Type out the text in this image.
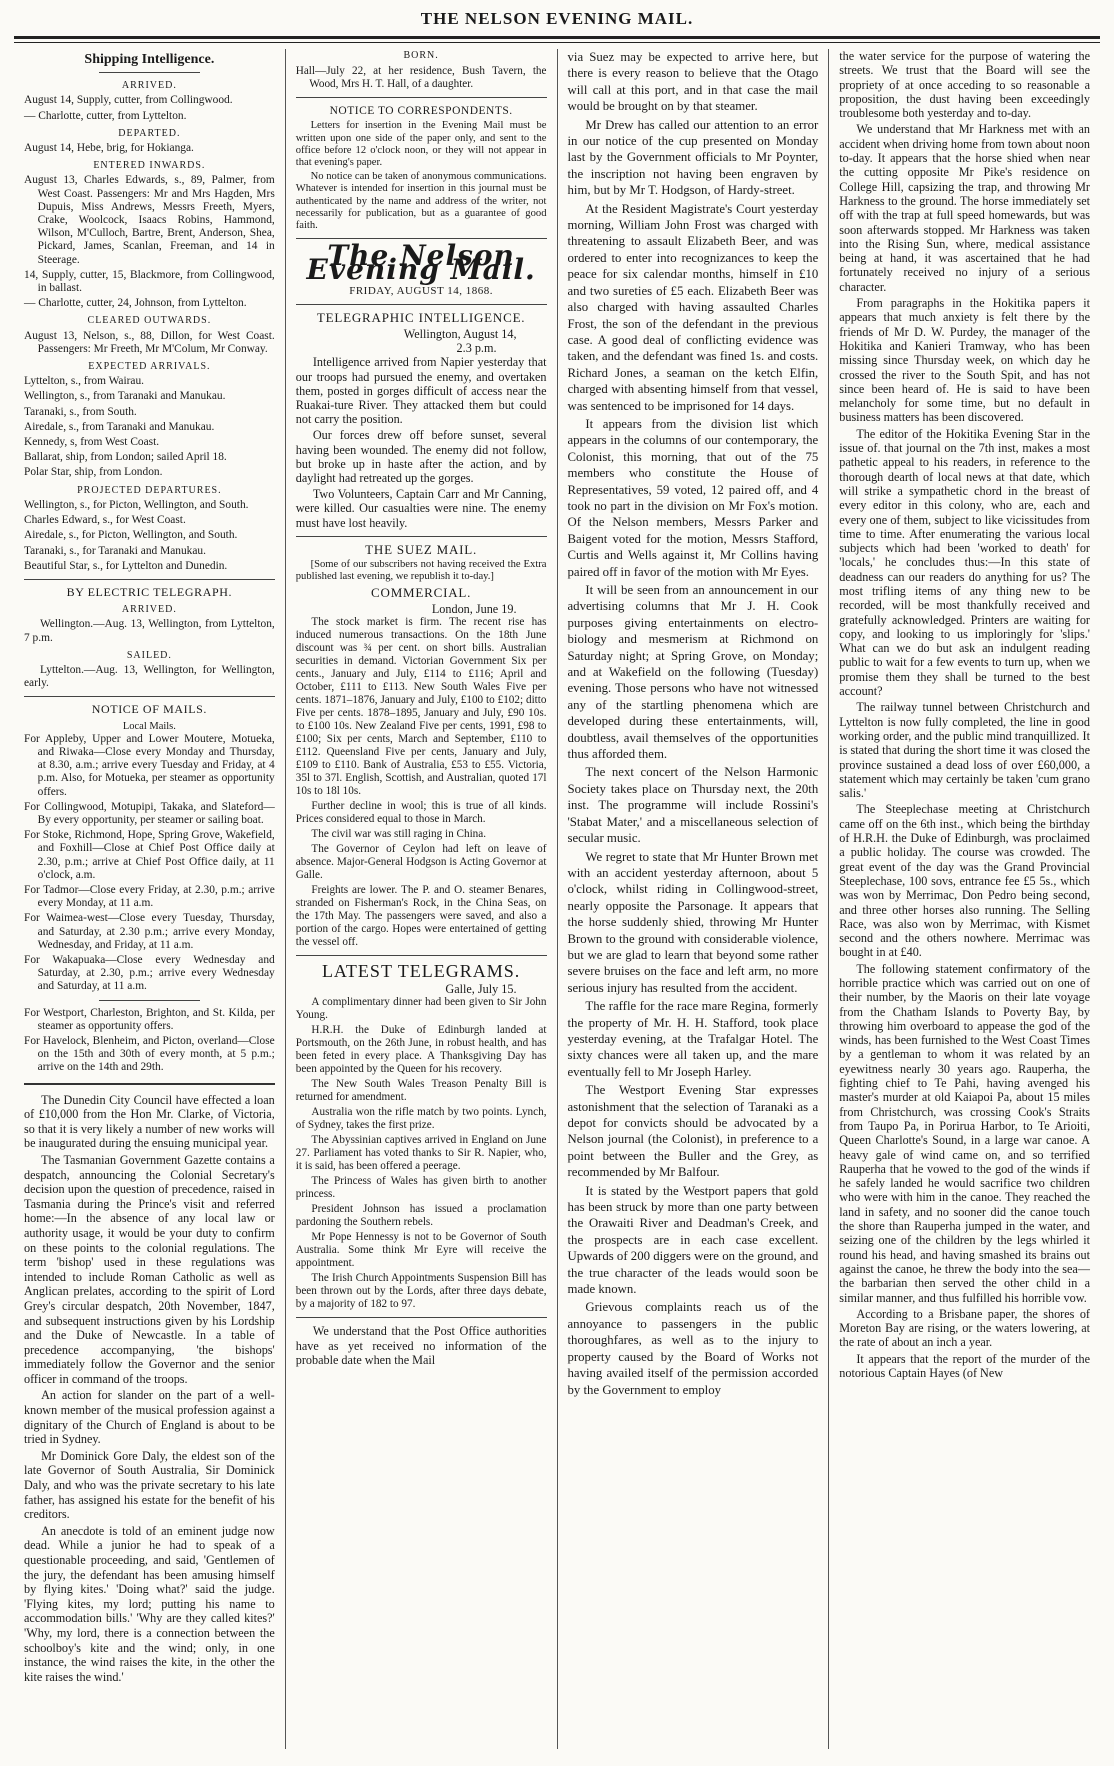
THE NELSON EVENING MAIL.
Shipping Intelligence.
ARRIVED.

August 14, Supply, cutter, from Collingwood.

— Charlotte, cutter, from Lyttelton.

DEPARTED.

August 14, Hebe, brig, for Hokianga.

ENTERED INWARDS.

August 13, Charles Edwards, s., 89, Palmer, from West Coast. Passengers: Mr and Mrs Hagden, Mrs Dupuis, Miss Andrews, Messrs Freeth, Myers, Crake, Woolcock, Isaacs Robins, Hammond, Wilson, M'Culloch, Bartre, Brent, Anderson, Shea, Pickard, James, Scanlan, Freeman, and 14 in Steerage.

14, Supply, cutter, 15, Blackmore, from Collingwood, in ballast.

— Charlotte, cutter, 24, Johnson, from Lyttelton.

CLEARED OUTWARDS.

August 13, Nelson, s., 88, Dillon, for West Coast. Passengers: Mr Freeth, Mr M'Colum, Mr Conway.

EXPECTED ARRIVALS.

Lyttelton, s., from Wairau.

Wellington, s., from Taranaki and Manukau.

Taranaki, s., from South.

Airedale, s., from Taranaki and Manukau.

Kennedy, s, from West Coast.

Ballarat, ship, from London; sailed April 18.

Polar Star, ship, from London.

PROJECTED DEPARTURES.

Wellington, s., for Picton, Wellington, and South.

Charles Edward, s., for West Coast.

Airedale, s., for Picton, Wellington, and South.

Taranaki, s., for Taranaki and Manukau.

Beautiful Star, s., for Lyttelton and Dunedin.

BY ELECTRIC TELEGRAPH.
ARRIVED.

Wellington.—Aug. 13, Wellington, from Lyttelton, 7 p.m.

SAILED.

Lyttelton.—Aug. 13, Wellington, for Wellington, early.

NOTICE OF MAILS.
Local Mails.

For Appleby, Upper and Lower Moutere, Motueka, and Riwaka—Close every Monday and Thursday, at 8.30, a.m.; arrive every Tuesday and Friday, at 4 p.m. Also, for Motueka, per steamer as opportunity offers.

For Collingwood, Motupipi, Takaka, and Slateford—By every opportunity, per steamer or sailing boat.

For Stoke, Richmond, Hope, Spring Grove, Wakefield, and Foxhill—Close at Chief Post Office daily at 2.30, p.m.; arrive at Chief Post Office daily, at 11 o'clock, a.m.

For Tadmor—Close every Friday, at 2.30, p.m.; arrive every Monday, at 11 a.m.

For Waimea-west—Close every Tuesday, Thursday, and Saturday, at 2.30 p.m.; arrive every Monday, Wednesday, and Friday, at 11 a.m.

For Wakapuaka—Close every Wednesday and Saturday, at 2.30, p.m.; arrive every Wednesday and Saturday, at 11 a.m.

For Westport, Charleston, Brighton, and St. Kilda, per steamer as opportunity offers.

For Havelock, Blenheim, and Picton, overland—Close on the 15th and 30th of every month, at 5 p.m.; arrive on the 14th and 29th.

The Dunedin City Council have effected a loan of £10,000 from the Hon Mr. Clarke, of Victoria, so that it is very likely a number of new works will be inaugurated during the ensuing municipal year.

The Tasmanian Government Gazette contains a despatch, announcing the Colonial Secretary's decision upon the question of precedence, raised in Tasmania during the Prince's visit and referred home:—In the absence of any local law or authority usage, it would be your duty to confirm on these points to the colonial regulations. The term 'bishop' used in these regulations was intended to include Roman Catholic as well as Anglican prelates, according to the spirit of Lord Grey's circular despatch, 20th November, 1847, and subsequent instructions given by his Lordship and the Duke of Newcastle. In a table of precedence accompanying, 'the bishops' immediately follow the Governor and the senior officer in command of the troops.

An action for slander on the part of a well-known member of the musical profession against a dignitary of the Church of England is about to be tried in Sydney.

Mr Dominick Gore Daly, the eldest son of the late Governor of South Australia, Sir Dominick Daly, and who was the private secretary to his late father, has assigned his estate for the benefit of his creditors.

An anecdote is told of an eminent judge now dead. While a junior he had to speak of a questionable proceeding, and said, 'Gentlemen of the jury, the defendant has been amusing himself by flying kites.' 'Doing what?' said the judge. 'Flying kites, my lord; putting his name to accommodation bills.' 'Why are they called kites?' 'Why, my lord, there is a connection between the schoolboy's kite and the wind; only, in one instance, the wind raises the kite, in the other the kite raises the wind.'

BORN.

Hall—July 22, at her residence, Bush Tavern, the Wood, Mrs H. T. Hall, of a daughter.

NOTICE TO CORRESPONDENTS.

Letters for insertion in the Evening Mail must be written upon one side of the paper only, and sent to the office before 12 o'clock noon, or they will not appear in that evening's paper.

No notice can be taken of anonymous communications. Whatever is intended for insertion in this journal must be authenticated by the name and address of the writer, not necessarily for publication, but as a guarantee of good faith.

The Nelson Evening Mail.
FRIDAY, AUGUST 14, 1868.
TELEGRAPHIC INTELLIGENCE.
Wellington, August 14,
2.3 p.m.

Intelligence arrived from Napier yesterday that our troops had pursued the enemy, and overtaken them, posted in gorges difficult of access near the Ruakai-ture River. They attacked them but could not carry the position.

Our forces drew off before sunset, several having been wounded. The enemy did not follow, but broke up in haste after the action, and by daylight had retreated up the gorges.

Two Volunteers, Captain Carr and Mr Canning, were killed. Our casualties were nine. The enemy must have lost heavily.

THE SUEZ MAIL.

[Some of our subscribers not having received the Extra published last evening, we republish it to-day.]

COMMERCIAL.
London, June 19.

The stock market is firm. The recent rise has induced numerous transactions. On the 18th June discount was ¾ per cent. on short bills. Australian securities in demand. Victorian Government Six per cents., January and July, £114 to £116; April and October, £111 to £113. New South Wales Five per cents. 1871–1876, January and July, £100 to £102; ditto Five per cents. 1878–1895, January and July, £90 10s. to £100 10s. New Zealand Five per cents, 1991, £98 to £100; Six per cents, March and September, £110 to £112. Queensland Five per cents, January and July, £109 to £110. Bank of Australia, £53 to £55. Victoria, 35l to 37l. English, Scottish, and Australian, quoted 17l 10s to 18l 10s.

Further decline in wool; this is true of all kinds. Prices considered equal to those in March.

The civil war was still raging in China.

The Governor of Ceylon had left on leave of absence. Major-General Hodgson is Acting Governor at Galle.

Freights are lower. The P. and O. steamer Benares, stranded on Fisherman's Rock, in the China Seas, on the 17th May. The passengers were saved, and also a portion of the cargo. Hopes were entertained of getting the vessel off.

LATEST TELEGRAMS.
Galle, July 15.

A complimentary dinner had been given to Sir John Young.

H.R.H. the Duke of Edinburgh landed at Portsmouth, on the 26th June, in robust health, and has been feted in every place. A Thanksgiving Day has been appointed by the Queen for his recovery.

The New South Wales Treason Penalty Bill is returned for amendment.

Australia won the rifle match by two points. Lynch, of Sydney, takes the first prize.

The Abyssinian captives arrived in England on June 27. Parliament has voted thanks to Sir R. Napier, who, it is said, has been offered a peerage.

The Princess of Wales has given birth to another princess.

President Johnson has issued a proclamation pardoning the Southern rebels.

Mr Pope Hennessy is not to be Governor of South Australia. Some think Mr Eyre will receive the appointment.

The Irish Church Appointments Suspension Bill has been thrown out by the Lords, after three days debate, by a majority of 182 to 97.

We understand that the Post Office authorities have as yet received no information of the probable date when the Mail

via Suez may be expected to arrive here, but there is every reason to believe that the Otago will call at this port, and in that case the mail would be brought on by that steamer.

Mr Drew has called our attention to an error in our notice of the cup presented on Monday last by the Government officials to Mr Poynter, the inscription not having been engraven by him, but by Mr T. Hodgson, of Hardy-street.

At the Resident Magistrate's Court yesterday morning, William John Frost was charged with threatening to assault Elizabeth Beer, and was ordered to enter into recognizances to keep the peace for six calendar months, himself in £10 and two sureties of £5 each. Elizabeth Beer was also charged with having assaulted Charles Frost, the son of the defendant in the previous case. A good deal of conflicting evidence was taken, and the defendant was fined 1s. and costs. Richard Jones, a seaman on the ketch Elfin, charged with absenting himself from that vessel, was sentenced to be imprisoned for 14 days.

It appears from the division list which appears in the columns of our contemporary, the Colonist, this morning, that out of the 75 members who constitute the House of Representatives, 59 voted, 12 paired off, and 4 took no part in the division on Mr Fox's motion. Of the Nelson members, Messrs Parker and Baigent voted for the motion, Messrs Stafford, Curtis and Wells against it, Mr Collins having paired off in favor of the motion with Mr Eyes.

It will be seen from an announcement in our advertising columns that Mr J. H. Cook purposes giving entertainments on electro-biology and mesmerism at Richmond on Saturday night; at Spring Grove, on Monday; and at Wakefield on the following (Tuesday) evening. Those persons who have not witnessed any of the startling phenomena which are developed during these entertainments, will, doubtless, avail themselves of the opportunities thus afforded them.

The next concert of the Nelson Harmonic Society takes place on Thursday next, the 20th inst. The programme will include Rossini's 'Stabat Mater,' and a miscellaneous selection of secular music.

We regret to state that Mr Hunter Brown met with an accident yesterday afternoon, about 5 o'clock, whilst riding in Collingwood-street, nearly opposite the Parsonage. It appears that the horse suddenly shied, throwing Mr Hunter Brown to the ground with considerable violence, but we are glad to learn that beyond some rather severe bruises on the face and left arm, no more serious injury has resulted from the accident.

The raffle for the race mare Regina, formerly the property of Mr. H. H. Stafford, took place yesterday evening, at the Trafalgar Hotel. The sixty chances were all taken up, and the mare eventually fell to Mr Joseph Harley.

The Westport Evening Star expresses astonishment that the selection of Taranaki as a depot for convicts should be advocated by a Nelson journal (the Colonist), in preference to a point between the Buller and the Grey, as recommended by Mr Balfour.

It is stated by the Westport papers that gold has been struck by more than one party between the Orawaiti River and Deadman's Creek, and the prospects are in each case excellent. Upwards of 200 diggers were on the ground, and the true character of the leads would soon be made known.

Grievous complaints reach us of the annoyance to passengers in the public thoroughfares, as well as to the injury to property caused by the Board of Works not having availed itself of the permission accorded by the Government to employ

the water service for the purpose of watering the streets. We trust that the Board will see the propriety of at once acceding to so reasonable a proposition, the dust having been exceedingly troublesome both yesterday and to-day.

We understand that Mr Harkness met with an accident when driving home from town about noon to-day. It appears that the horse shied when near the cutting opposite Mr Pike's residence on College Hill, capsizing the trap, and throwing Mr Harkness to the ground. The horse immediately set off with the trap at full speed homewards, but was soon afterwards stopped. Mr Harkness was taken into the Rising Sun, where, medical assistance being at hand, it was ascertained that he had fortunately received no injury of a serious character.

From paragraphs in the Hokitika papers it appears that much anxiety is felt there by the friends of Mr D. W. Purdey, the manager of the Hokitika and Kanieri Tramway, who has been missing since Thursday week, on which day he crossed the river to the South Spit, and has not since been heard of. He is said to have been melancholy for some time, but no default in business matters has been discovered.

The editor of the Hokitika Evening Star in the issue of. that journal on the 7th inst, makes a most pathetic appeal to his readers, in reference to the thorough dearth of local news at that date, which will strike a sympathetic chord in the breast of every editor in this colony, who are, each and every one of them, subject to like vicissitudes from time to time. After enumerating the various local subjects which had been 'worked to death' for 'locals,' he concludes thus:—In this state of deadness can our readers do anything for us? The most trifling items of any thing new to be recorded, will be most thankfully received and gratefully acknowledged. Printers are waiting for copy, and looking to us imploringly for 'slips.' What can we do but ask an indulgent reading public to wait for a few events to turn up, when we promise them they shall be turned to the best account?

The railway tunnel between Christchurch and Lyttelton is now fully completed, the line in good working order, and the public mind tranquillized. It is stated that during the short time it was closed the province sustained a dead loss of over £60,000, a statement which may certainly be taken 'cum grano salis.'

The Steeplechase meeting at Christchurch came off on the 6th inst., which being the birthday of H.R.H. the Duke of Edinburgh, was proclaimed a public holiday. The course was crowded. The great event of the day was the Grand Provincial Steeplechase, 100 sovs, entrance fee £5 5s., which was won by Merrimac, Don Pedro being second, and three other horses also running. The Selling Race, was also won by Merrimac, with Kismet second and the others nowhere. Merrimac was bought in at £40.

The following statement confirmatory of the horrible practice which was carried out on one of their number, by the Maoris on their late voyage from the Chatham Islands to Poverty Bay, by throwing him overboard to appease the god of the winds, has been furnished to the West Coast Times by a gentleman to whom it was related by an eyewitness nearly 30 years ago. Rauperha, the fighting chief to Te Pahi, having avenged his master's murder at old Kaiapoi Pa, about 15 miles from Christchurch, was crossing Cook's Straits from Taupo Pa, in Porirua Harbor, to Te Arioiti, Queen Charlotte's Sound, in a large war canoe. A heavy gale of wind came on, and so terrified Rauperha that he vowed to the god of the winds if he safely landed he would sacrifice two children who were with him in the canoe. They reached the land in safety, and no sooner did the canoe touch the shore than Rauperha jumped in the water, and seizing one of the children by the legs whirled it round his head, and having smashed its brains out against the canoe, he threw the body into the sea—the barbarian then served the other child in a similar manner, and thus fulfilled his horrible vow.

According to a Brisbane paper, the shores of Moreton Bay are rising, or the waters lowering, at the rate of about an inch a year.

It appears that the report of the murder of the notorious Captain Hayes (of New
